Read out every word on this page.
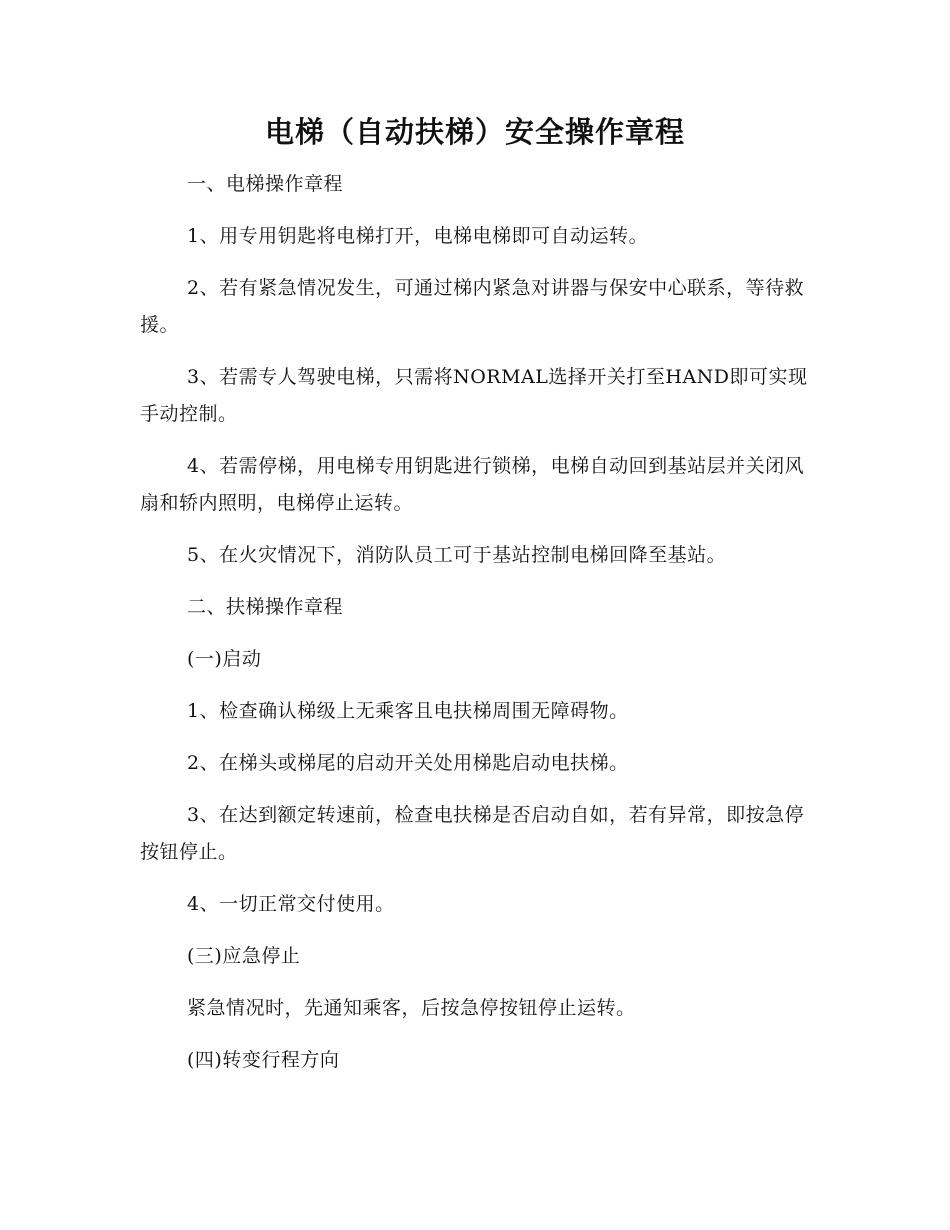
电梯（自动扶梯）安全操作章程

一、电梯操作章程

1、用专用钥匙将电梯打开，电梯电梯即可自动运转。

2、若有紧急情况发生，可通过梯内紧急对讲器与保安中心联系，等待救援。

3、若需专人驾驶电梯，只需将NORMAL选择开关打至HAND即可实现手动控制。

4、若需停梯，用电梯专用钥匙进行锁梯，电梯自动回到基站层并关闭风扇和轿内照明，电梯停止运转。

5、在火灾情况下，消防队员工可于基站控制电梯回降至基站。

二、扶梯操作章程

(一)启动

1、检查确认梯级上无乘客且电扶梯周围无障碍物。

2、在梯头或梯尾的启动开关处用梯匙启动电扶梯。

3、在达到额定转速前，检查电扶梯是否启动自如，若有异常，即按急停按钮停止。

4、一切正常交付使用。

(三)应急停止

紧急情况时，先通知乘客，后按急停按钮停止运转。

(四)转变行程方向
